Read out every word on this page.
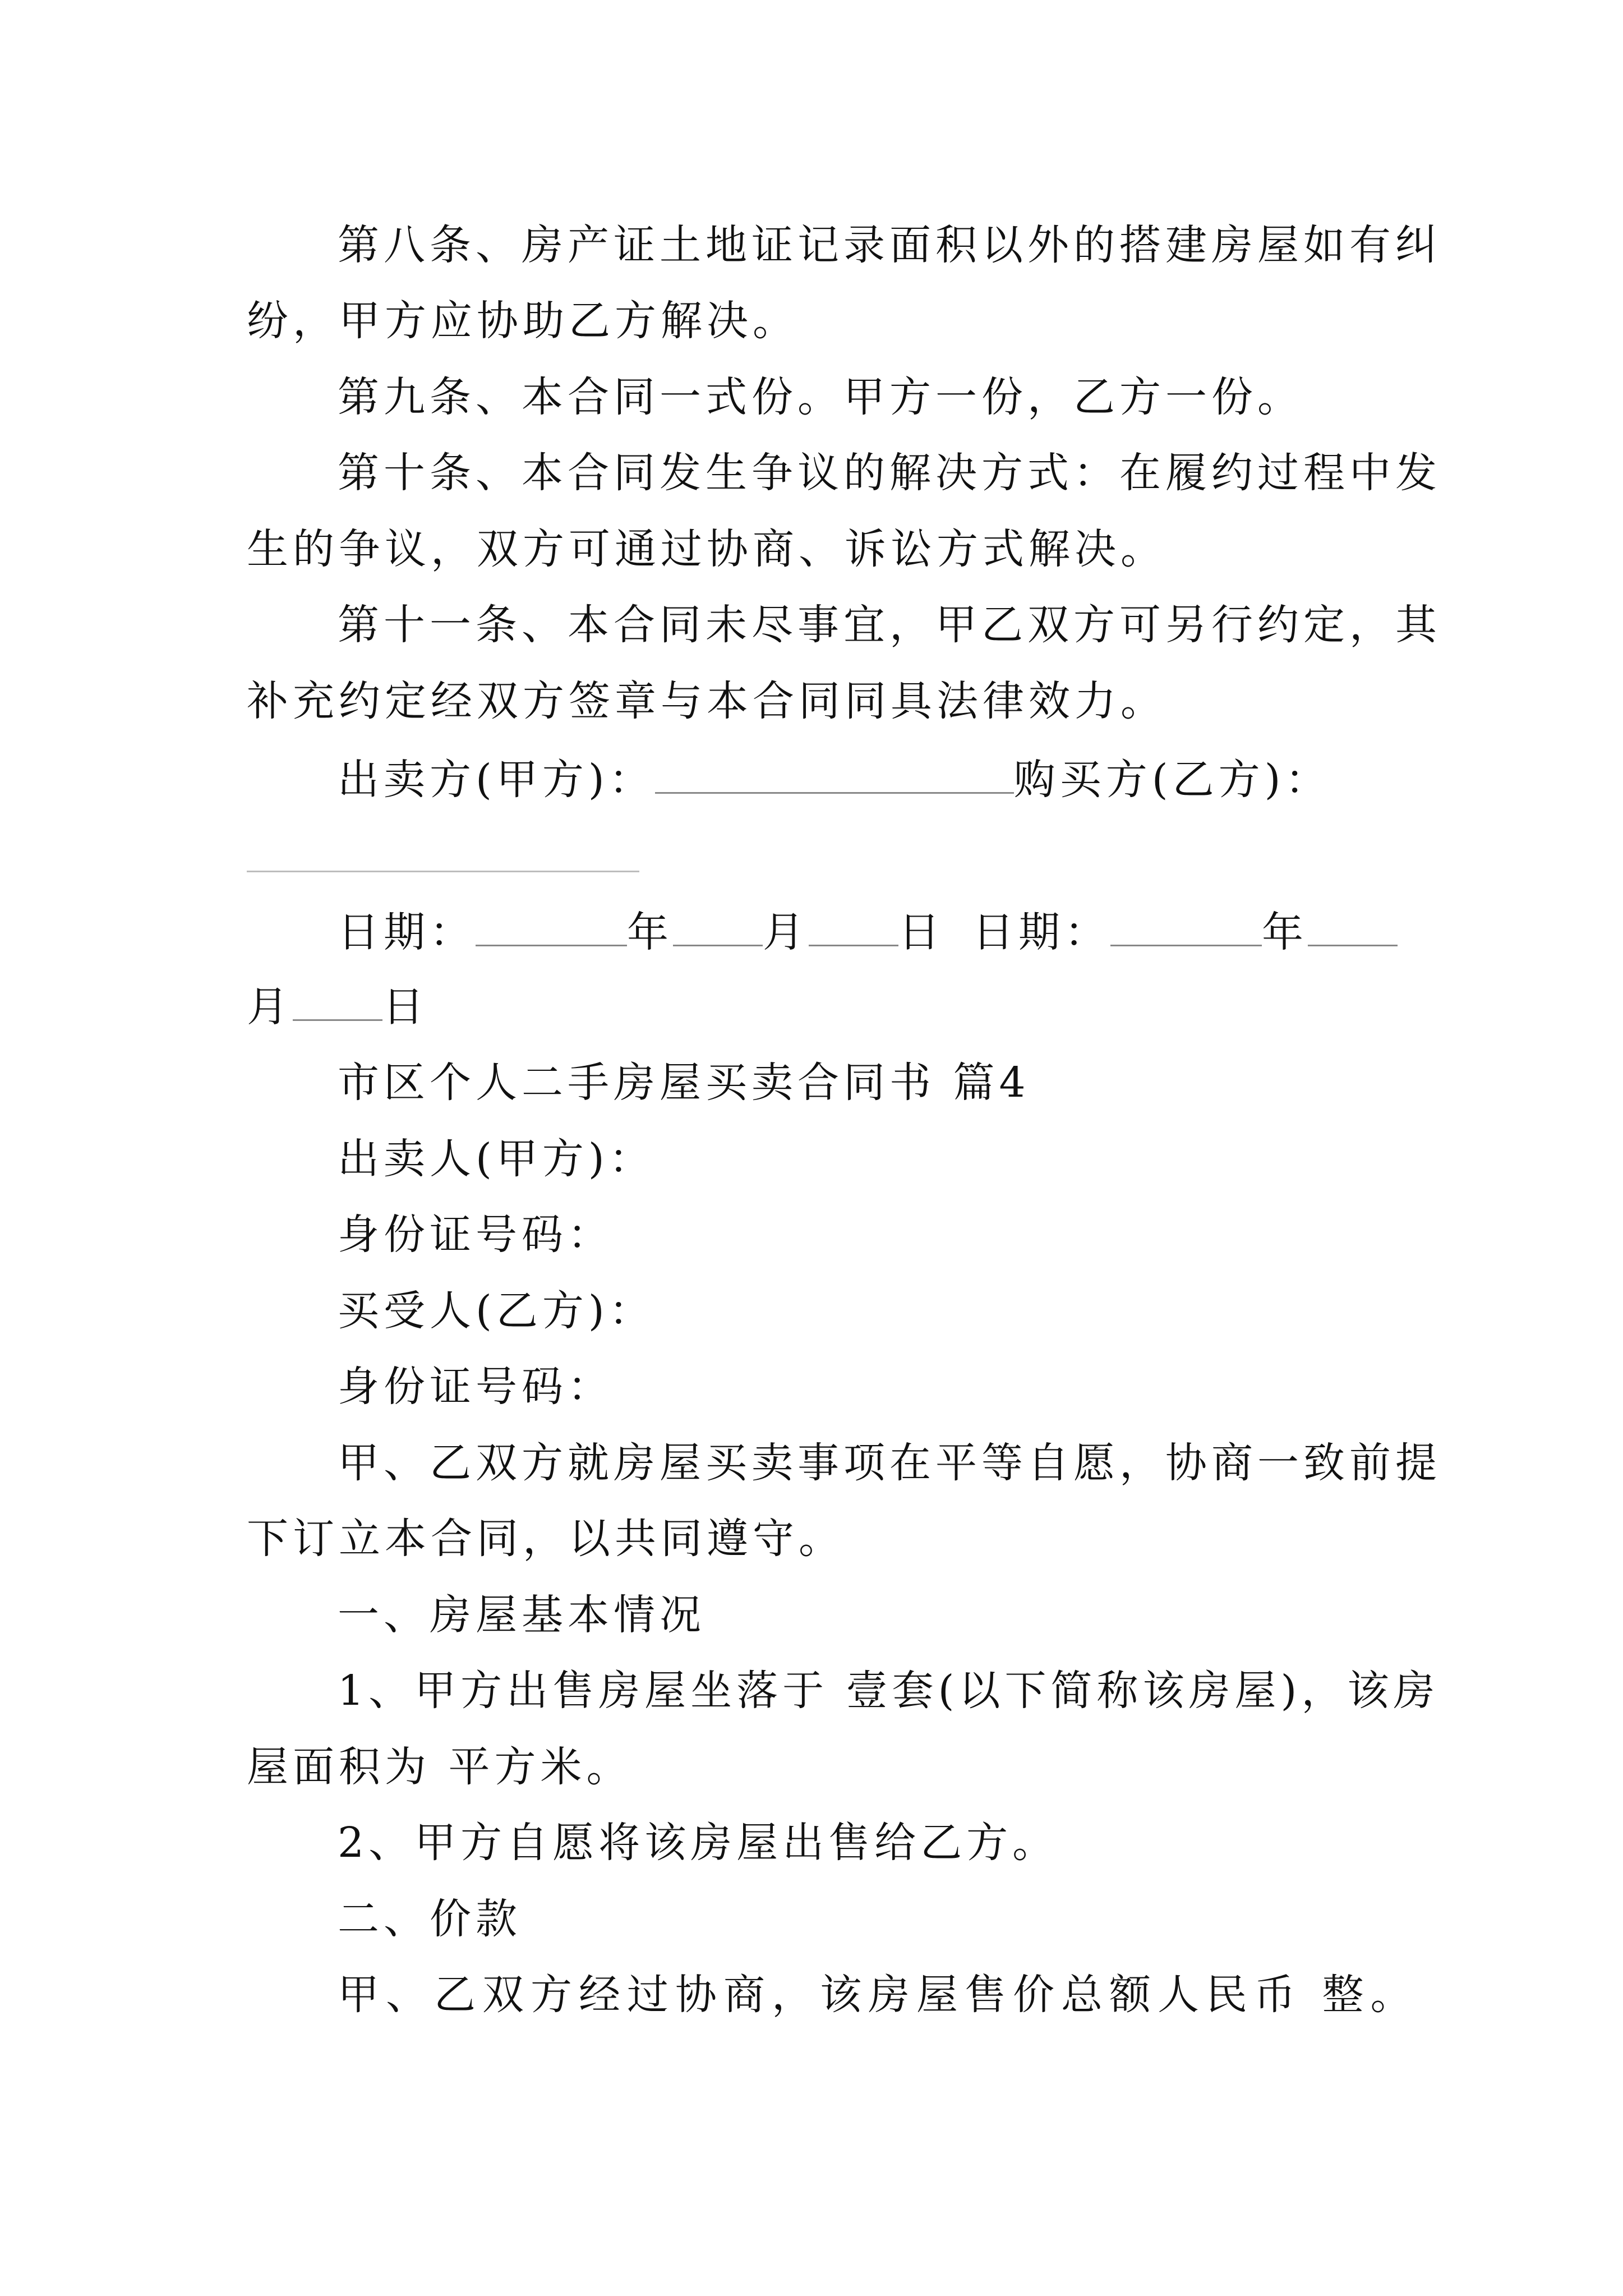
第八条、房产证土地证记录面积以外的搭建房屋如有纠
纷，甲方应协助乙方解决。
第九条、本合同一式份。甲方一份，乙方一份。
第十条、本合同发生争议的解决方式：在履约过程中发
生的争议，双方可通过协商、诉讼方式解决。
第十一条、本合同未尽事宜，甲乙双方可另行约定，其
补充约定经双方签章与本合同同具法律效力。
出卖方(甲方)：	购买方(乙方)：
日期：	年 月 日 日期：	年
月 日
市区个人二手房屋买卖合同书 篇4
出卖人(甲方)：
身份证号码：
买受人(乙方)：
身份证号码：
甲、乙双方就房屋买卖事项在平等自愿，协商一致前提
下订立本合同，以共同遵守。
一、房屋基本情况
1、甲方出售房屋坐落于 壹套(以下简称该房屋)，该房
屋面积为 平方米。
2、甲方自愿将该房屋出售给乙方。
二、价款
甲、乙双方经过协商，该房屋售价总额人民币 整。
